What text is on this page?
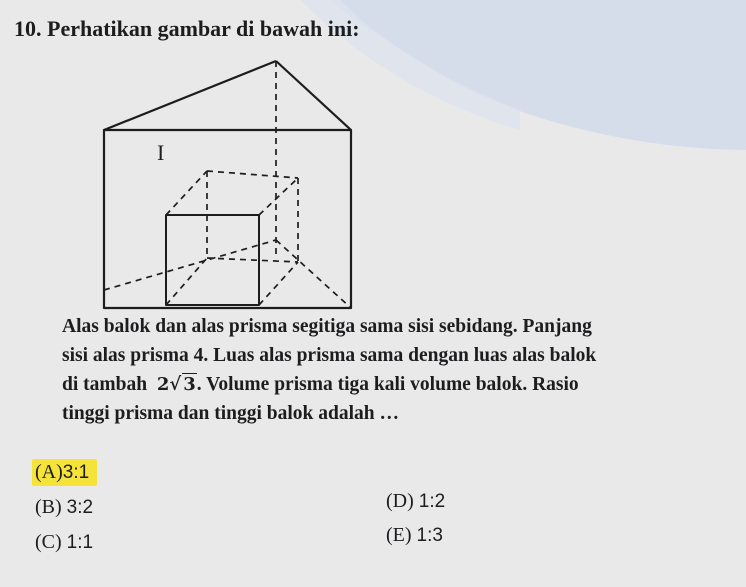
10. Perhatikan gambar di bawah ini:
I

Alas balok dan alas prisma segitiga sama sisi sebidang. Panjang
sisi alas prisma 4. Luas alas prisma sama dengan luas alas balok
di tambah 2√ 3. Volume prisma tiga kali volume balok. Rasio
tinggi prisma dan tinggi balok adalah …

(A)3:1
(B) 3:2
(C) 1:1
(D) 1:2
(E) 1:3
